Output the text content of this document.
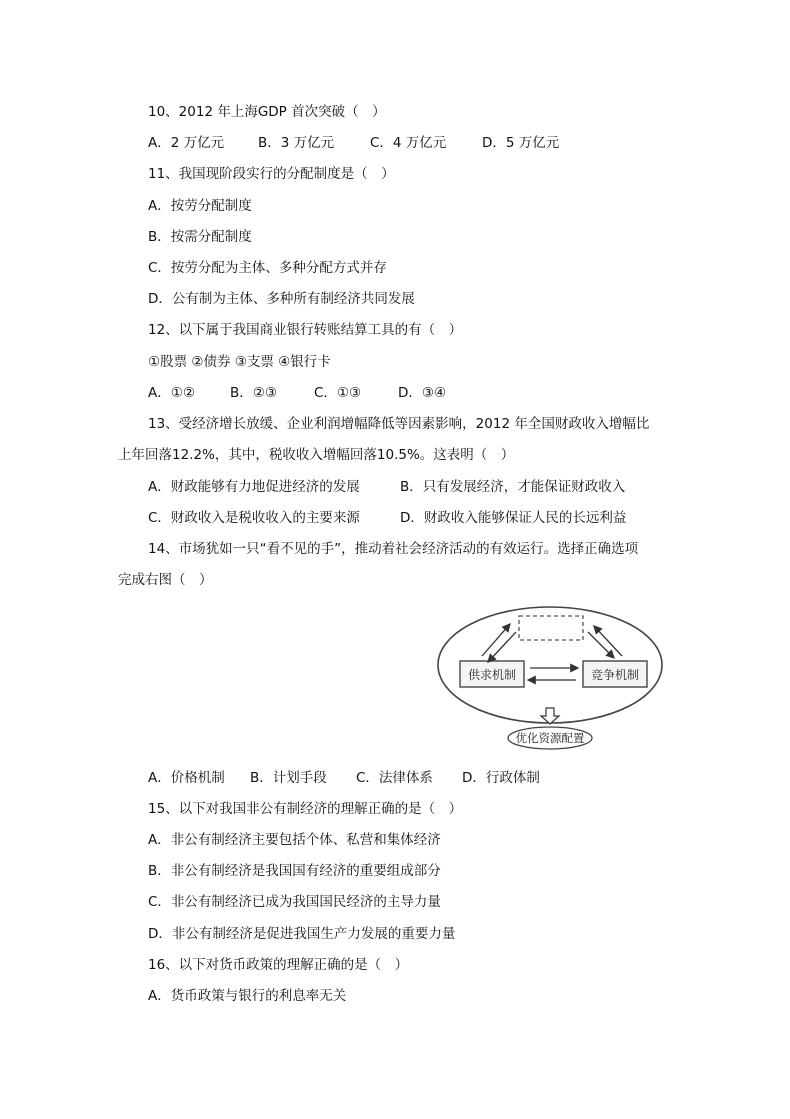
10、2012 年上海GDP 首次突破（　）
A．2 万亿元	B．3 万亿元	C．4 万亿元	D．5 万亿元
11、我国现阶段实行的分配制度是（　）
A．按劳分配制度
B．按需分配制度
C．按劳分配为主体、多种分配方式并存
D．公有制为主体、多种所有制经济共同发展
12、以下属于我国商业银行转账结算工具的有（　）
①股票 ②债券 ③支票 ④银行卡
A．①②	B．②③	C．①③	D．③④
13、受经济增长放缓、企业利润增幅降低等因素影响，2012 年全国财政收入增幅比
上年回落12.2%，其中，税收收入增幅回落10.5%。这表明（　）
A．财政能够有力地促进经济的发展	B．只有发展经济，才能保证财政收入
C．财政收入是税收收入的主要来源	D．财政收入能够保证人民的长远利益
14、市场犹如一只“看不见的手”，推动着社会经济活动的有效运行。选择正确选项
完成右图（　）
供求机制	竞争机制
优化资源配置
A．价格机制 B．计划手段 C．法律体系 D．行政体制
15、以下对我国非公有制经济的理解正确的是（　）
A．非公有制经济主要包括个体、私营和集体经济
B．非公有制经济是我国国有经济的重要组成部分
C．非公有制经济已成为我国国民经济的主导力量
D．非公有制经济是促进我国生产力发展的重要力量
16、以下对货币政策的理解正确的是（　）
A．货币政策与银行的利息率无关
